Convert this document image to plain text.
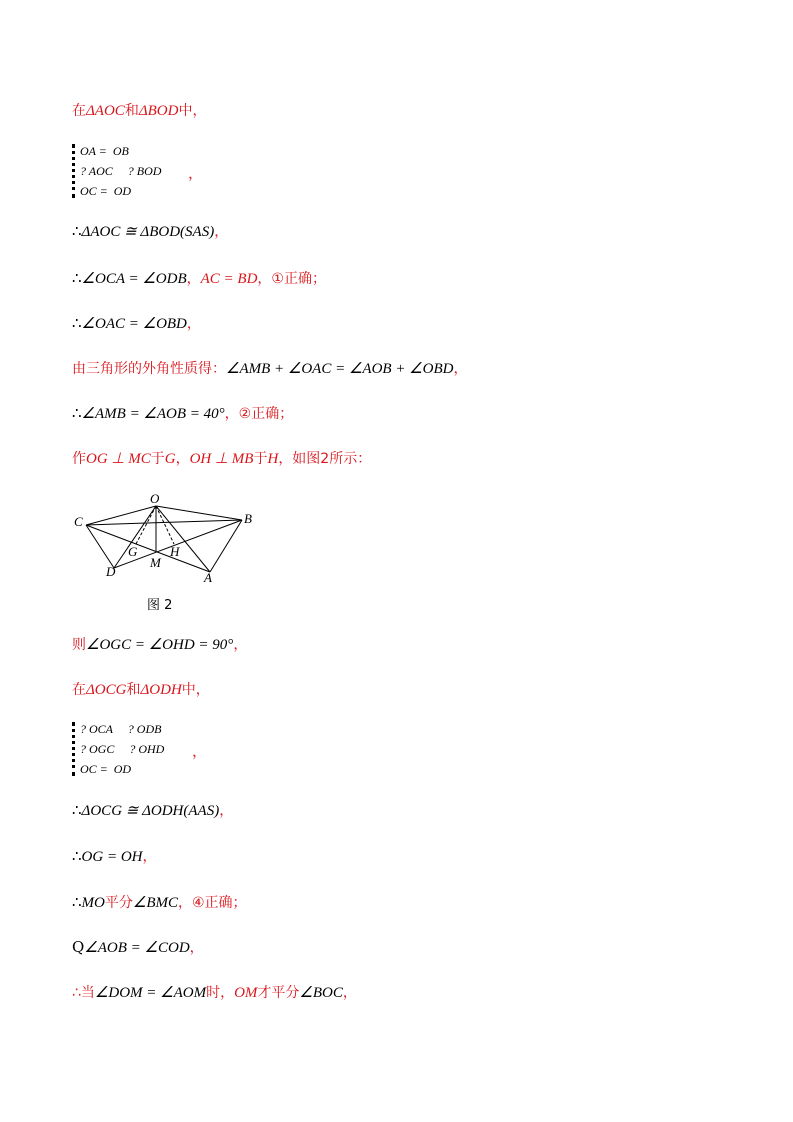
在ΔAOC和ΔBOD中，
OA =  OB
? AOC     ? BOD
OC =  OD
，
∴ΔAOC ≅ ΔBOD(SAS)，
∴∠OCA = ∠ODB，AC = BD，①正确；
∴∠OAC = ∠OBD，
由三角形的外角性质得：∠AMB + ∠OAC = ∠AOB + ∠OBD，
∴∠AMB = ∠AOB = 40°，②正确；
作OG ⊥ MC于G，OH ⊥ MB于H，如图2所示：
O
C	B
G	H
D
M
A
图 2
则∠OGC = ∠OHD = 90°，
在ΔOCG和ΔODH中，
? OCA     ? ODB
? OGC     ? OHD
OC =  OD
，
∴ΔOCG ≅ ΔODH(AAS)，
∴OG = OH，
∴MO平分∠BMC，④正确；
Q∠AOB = ∠COD，
∴当∠DOM = ∠AOM时，OM才平分∠BOC，
